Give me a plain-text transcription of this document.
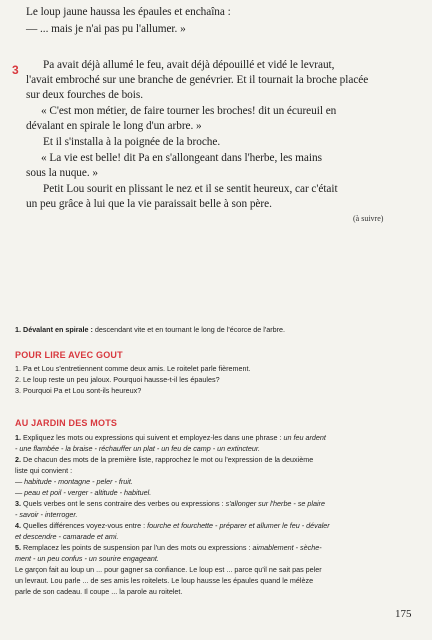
Le loup jaune haussa les épaules et enchaîna :
— ... mais je n'ai pas pu l'allumer. »
Pa avait déjà allumé le feu, avait déjà dépouillé et vidé le levraut,
l'avait embroché sur une branche de genévrier. Et il tournait la broche placée
sur deux fourches de bois.
« C'est mon métier, de faire tourner les broches! dit un écureuil en
dévalant en spirale le long d'un arbre. »
Et il s'installa à la poignée de la broche.
« La vie est belle! dit Pa en s'allongeant dans l'herbe, les mains
sous la nuque. »
Petit Lou sourit en plissant le nez et il se sentit heureux, car c'était
un peu grâce à lui que la vie paraissait belle à son père.
3
(à suivre)
1. Dévalant en spirale : descendant vite et en tournant le long de l'écorce de l'arbre.
POUR LIRE AVEC GOUT
1. Pa et Lou s'entretiennent comme deux amis. Le roitelet parle fièrement.
2. Le loup reste un peu jaloux. Pourquoi hausse-t-il les épaules?
3. Pourquoi Pa et Lou sont-ils heureux?
AU JARDIN DES MOTS
1. Expliquez les mots ou expressions qui suivent et employez-les dans une phrase : un feu ardent
- une flambée - la braise - réchauffer un plat - un feu de camp - un extincteur.
2. De chacun des mots de la première liste, rapprochez le mot ou l'expression de la deuxième
liste qui convient :
— habitude - montagne - peler - fruit.
— peau et poil - verger - altitude - habituel.
3. Quels verbes ont le sens contraire des verbes ou expressions : s'allonger sur l'herbe - se plaire
- savoir - interroger.
4. Quelles différences voyez-vous entre : fourche et fourchette - préparer et allumer le feu - dévaler
et descendre - camarade et ami.
5. Remplacez les points de suspension par l'un des mots ou expressions : aimablement - sèche-
ment - un peu confus - un sourire engageant.
Le garçon fait au loup un ... pour gagner sa confiance. Le loup est ... parce qu'il ne sait pas peler
un levraut. Lou parle ... de ses amis les roitelets. Le loup hausse les épaules quand le mélèze
parle de son cadeau. Il coupe ... la parole au roitelet.
175
